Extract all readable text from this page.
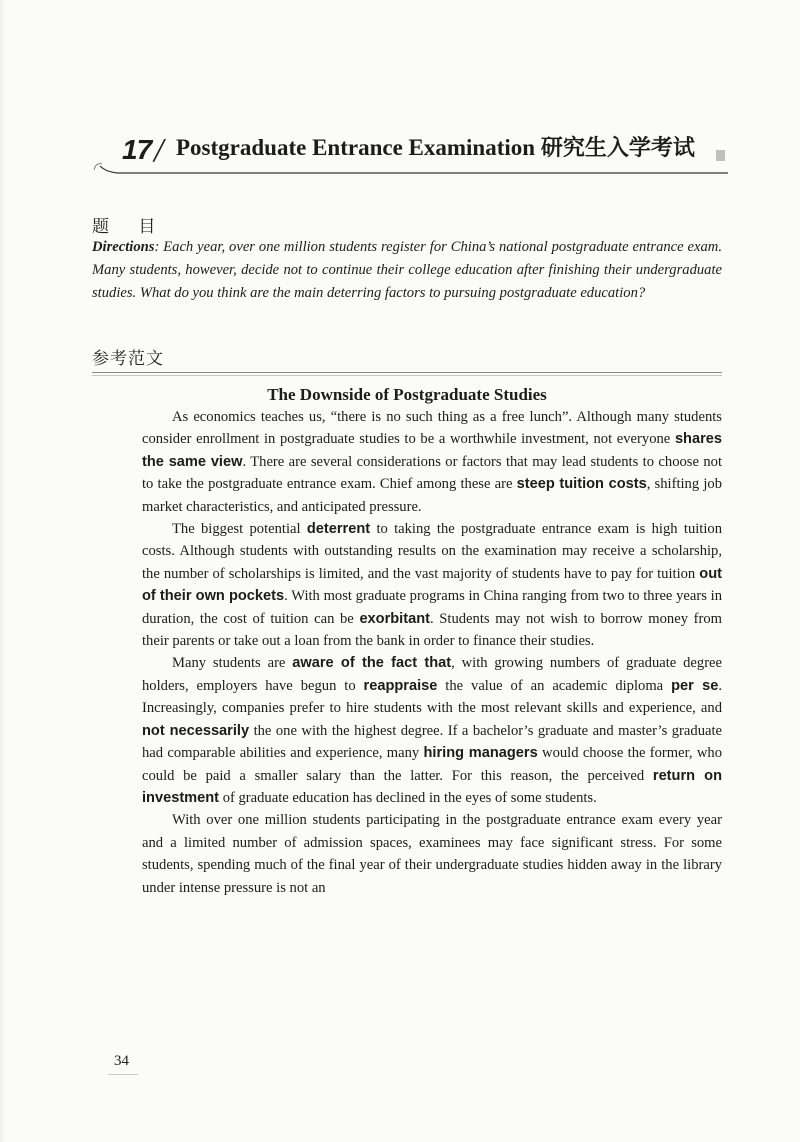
17 / Postgraduate Entrance Examination 研究生入学考试
题 目

Directions: Each year, over one million students register for China’s national postgraduate entrance exam. Many students, however, decide not to continue their college education after finishing their undergraduate studies. What do you think are the main deterring factors to pursuing postgraduate education?

参考范文
The Downside of Postgraduate Studies

As economics teaches us, “there is no such thing as a free lunch”. Although many students consider enrollment in postgraduate studies to be a worthwhile investment, not everyone shares the same view. There are several considerations or factors that may lead students to choose not to take the postgraduate entrance exam. Chief among these are steep tuition costs, shifting job market characteristics, and anticipated pressure.

The biggest potential deterrent to taking the postgraduate entrance exam is high tuition costs. Although students with outstanding results on the examination may receive a scholarship, the number of scholarships is limited, and the vast majority of students have to pay for tuition out of their own pockets. With most graduate programs in China ranging from two to three years in duration, the cost of tuition can be exorbitant. Students may not wish to borrow money from their parents or take out a loan from the bank in order to finance their studies.

Many students are aware of the fact that, with growing numbers of graduate degree holders, employers have begun to reappraise the value of an academic diploma per se. Increasingly, companies prefer to hire students with the most relevant skills and experience, and not necessarily the one with the highest degree. If a bachelor’s graduate and master’s graduate had comparable abilities and experience, many hiring managers would choose the former, who could be paid a smaller salary than the latter. For this reason, the perceived return on investment of graduate education has declined in the eyes of some students.

With over one million students participating in the postgraduate entrance exam every year and a limited number of admission spaces, examinees may face significant stress. For some students, spending much of the final year of their undergraduate studies hidden away in the library under intense pressure is not an

34
